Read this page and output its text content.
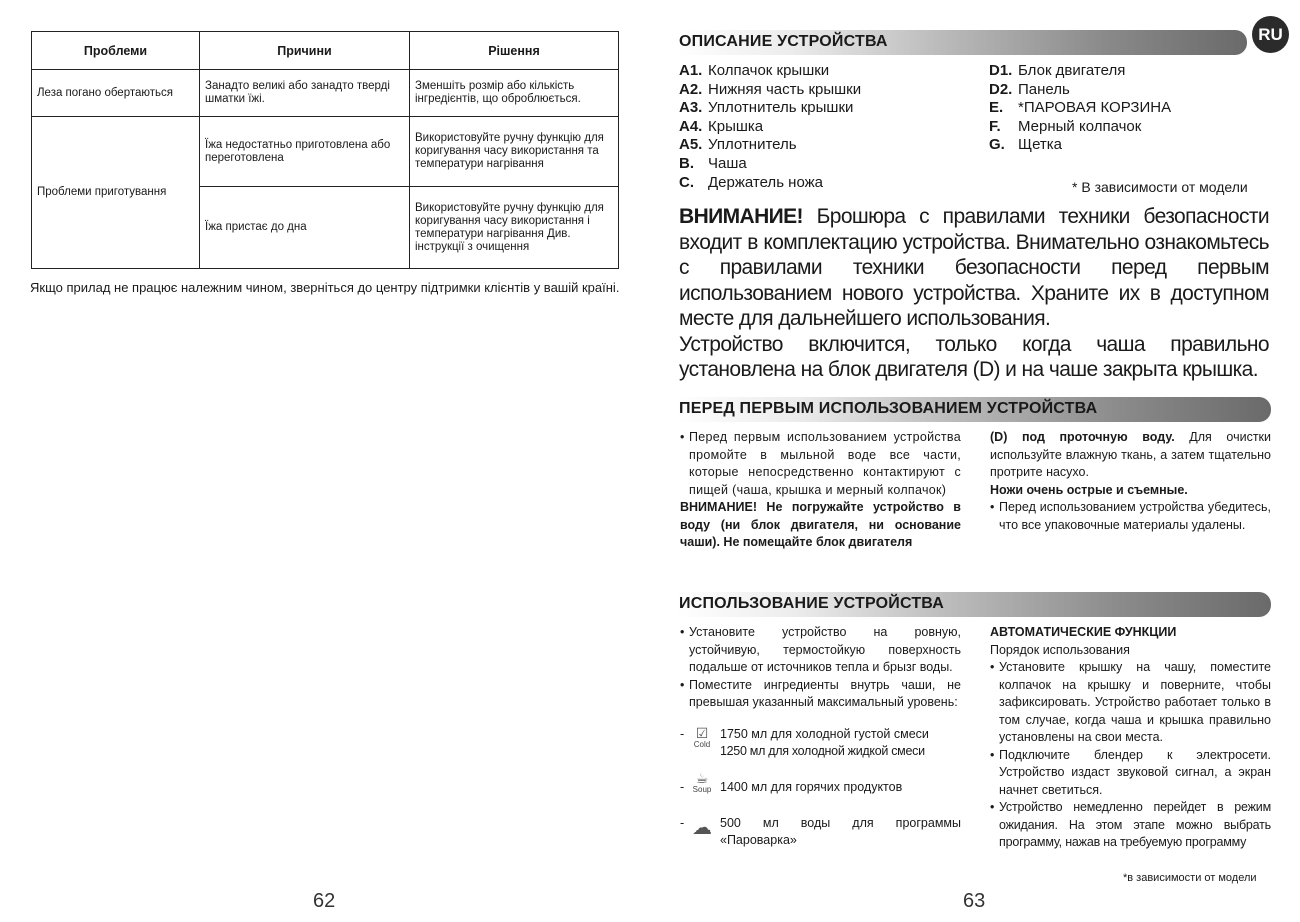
Проблеми	Причини	Рішення
Леза погано обертаються	Занадто великі або занадто тверді шматки їжі.	Зменшіть розмір або кількість інгредієнтів, що оброблюється.
Проблеми приготування	Їжа недостатньо приготовлена або переготовлена	Використовуйте ручну функцію для коригування часу використання та температури нагрівання
	Їжа пристає до дна	Використовуйте ручну функцію для коригування часу використання і температури нагрівання Див. інструкції з очищення

Якщо прилад не працює належним чином, зверніться до центру підтримки клієнтів у вашій країні.

62
RU
ОПИСАНИЕ УСТРОЙСТВА
A1. Колпачок крышки
A2. Нижняя часть крышки
A3. Уплотнитель крышки
A4. Крышка
A5. Уплотнитель
B. Чаша
C. Держатель ножа
D1. Блок двигателя
D2. Панель
E. *ПАРОВАЯ КОРЗИНА
F.	Мерный колпачок
G. Щетка
* В зависимости от модели

ВНИМАНИЕ! Брошюра с правилами техники безопасности входит в комплектацию устройства. Внимательно ознакомьтесь с правилами техники безопасности перед первым использованием нового устройства. Храните их в доступном месте для дальнейшего использования.

Устройство включится, только когда чаша правильно установлена на блок двигателя (D) и на чаше закрыта крышка.

ПЕРЕД ПЕРВЫМ ИСПОЛЬЗОВАНИЕМ УСТРОЙСТВА
• Перед первым использованием устройства промойте в мыльной воде все части, которые непосредственно контактируют с пищей (чаша, крышка и мерный колпачок)
ВНИМАНИЕ! Не погружайте устройство в воду (ни блок двигателя, ни основание чаши). Не помещайте блок двигателя
(D) под проточную воду. Для очистки используйте влажную ткань, а затем тщательно протрите насухо.
Ножи очень острые и съемные.
• Перед использованием устройства убедитесь, что все упаковочные материалы удалены.
ИСПОЛЬЗОВАНИЕ УСТРОЙСТВА
• Установите устройство на ровную, устойчивую, термостойкую поверхность подальше от источников тепла и брызг воды.
• Поместите ингредиенты внутрь чаши, не превышая указанный максимальный уровень:
- ☑
Cold
1750 мл для холодной густой смеси
1250 мл для холодной жидкой смеси
-
☕
Soup 1400 мл для горячих продуктов
- ☁ 500 мл воды для программы «Пароварка»
АВТОМАТИЧЕСКИЕ ФУНКЦИИ
Порядок использования
• Установите крышку на чашу, поместите колпачок на крышку и поверните, чтобы зафиксировать. Устройство работает только в том случае, когда чаша и крышка правильно установлены на свои места.
• Подключите блендер к электросети. Устройство издаст звуковой сигнал, а экран начнет светиться.
• Устройство немедленно перейдет в режим ожидания. На этом этапе можно выбрать программу, нажав на требуемую программу
*в зависимости от модели
63
